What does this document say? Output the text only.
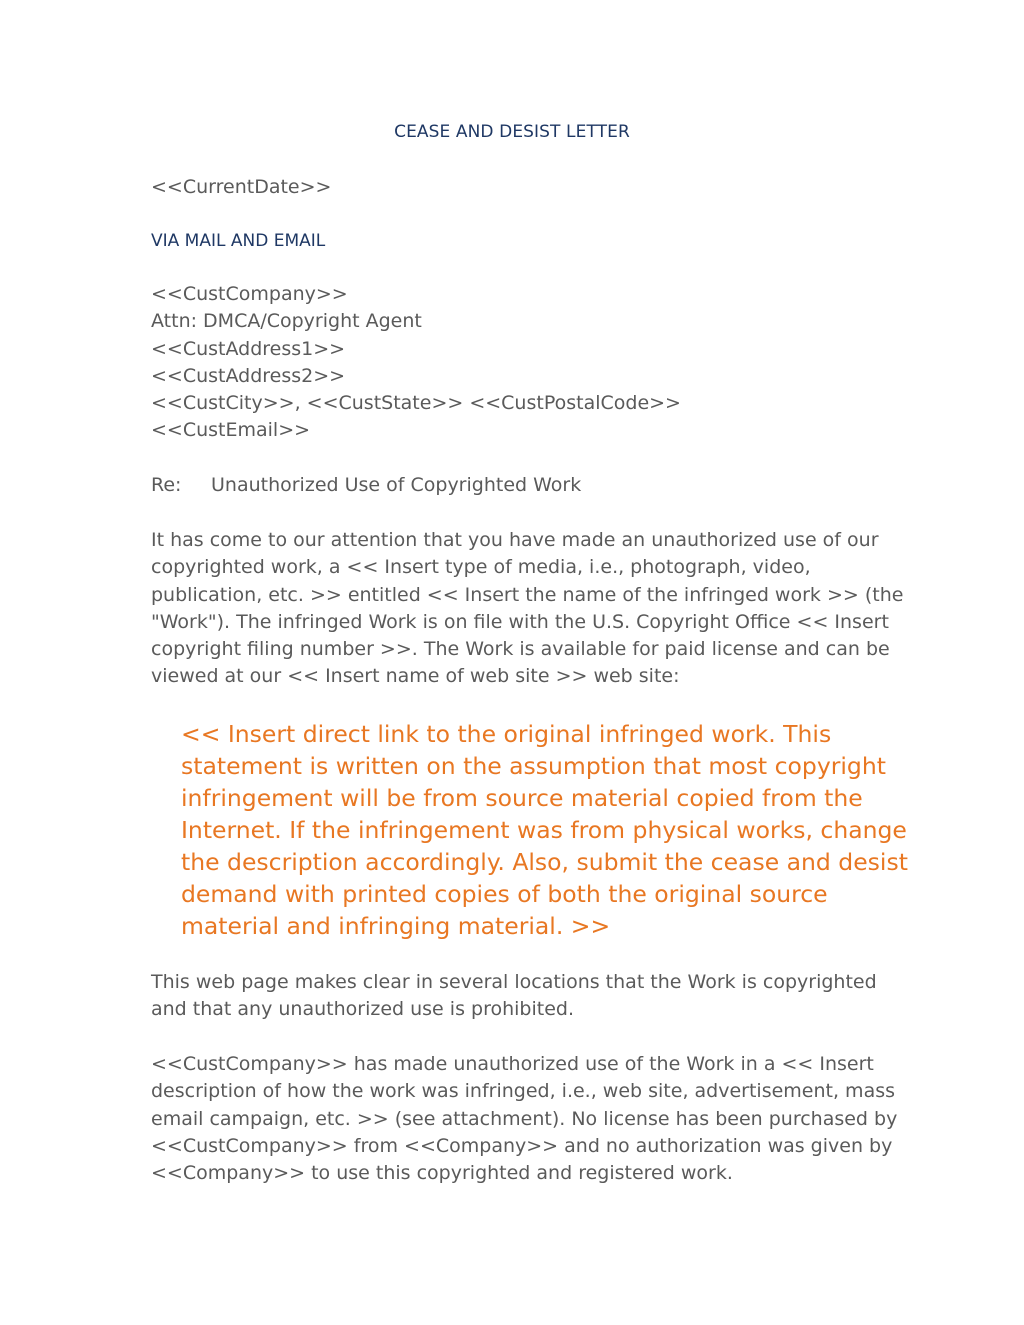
CEASE AND DESIST LETTER
<<CurrentDate>>
VIA MAIL AND EMAIL
<<CustCompany>>
Attn: DMCA/Copyright Agent
<<CustAddress1>>
<<CustAddress2>>
<<CustCity>>, <<CustState>> <<CustPostalCode>>
<<CustEmail>>
Re: Unauthorized Use of Copyrighted Work
It has come to our attention that you have made an unauthorized use of our
copyrighted work, a << Insert type of media, i.e., photograph, video,
publication, etc. >> entitled << Insert the name of the infringed work >> (the
"Work"). The infringed Work is on file with the U.S. Copyright Office << Insert
copyright filing number >>. The Work is available for paid license and can be
viewed at our << Insert name of web site >> web site:
<< Insert direct link to the original infringed work. This
statement is written on the assumption that most copyright
infringement will be from source material copied from the
Internet. If the infringement was from physical works, change
the description accordingly. Also, submit the cease and desist
demand with printed copies of both the original source
material and infringing material. >>
This web page makes clear in several locations that the Work is copyrighted
and that any unauthorized use is prohibited.
<<CustCompany>> has made unauthorized use of the Work in a << Insert
description of how the work was infringed, i.e., web site, advertisement, mass
email campaign, etc. >> (see attachment). No license has been purchased by
<<CustCompany>> from <<Company>> and no authorization was given by
<<Company>> to use this copyrighted and registered work.
